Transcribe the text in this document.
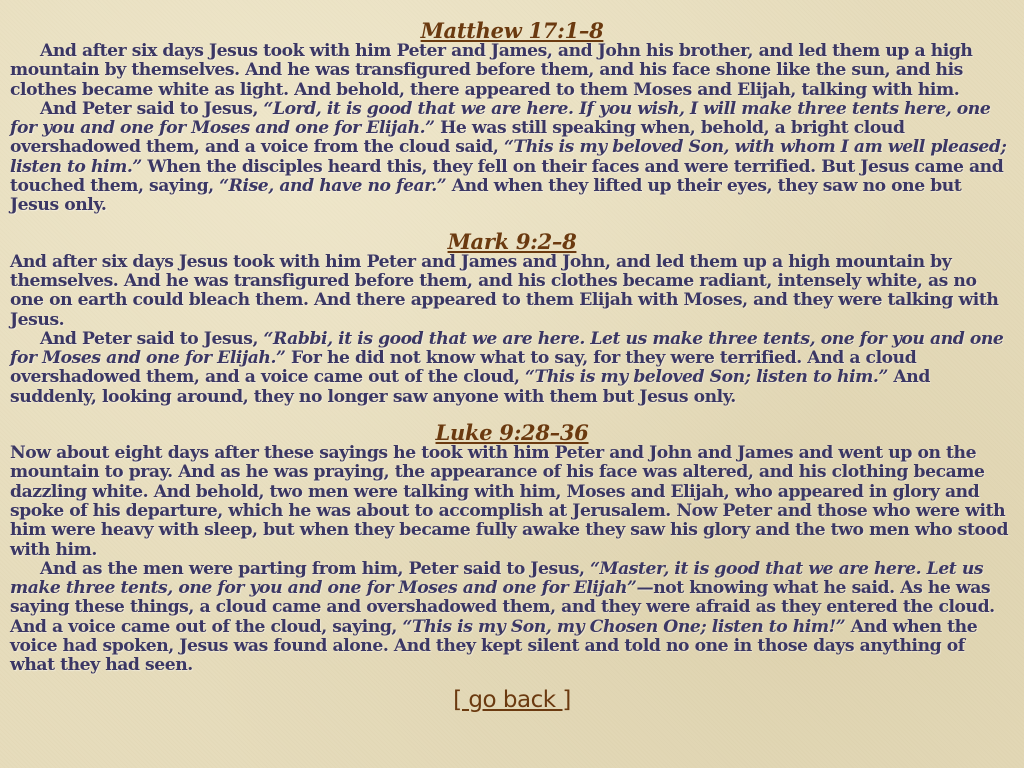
Matthew 17:1–8

And after six days Jesus took with him Peter and James, and John his brother, and led them up a high mountain by themselves. And he was transfigured before them, and his face shone like the sun, and his clothes became white as light. And behold, there appeared to them Moses and Elijah, talking with him.

And Peter said to Jesus, “Lord, it is good that we are here. If you wish, I will make three tents here, one for you and one for Moses and one for Elijah.” He was still speaking when, behold, a bright cloud overshadowed them, and a voice from the cloud said, “This is my beloved Son, with whom I am well pleased; listen to him.” When the disciples heard this, they fell on their faces and were terrified. But Jesus came and touched them, saying, “Rise, and have no fear.” And when they lifted up their eyes, they saw no one but Jesus only.

Mark 9:2–8

And after six days Jesus took with him Peter and James and John, and led them up a high mountain by themselves. And he was transfigured before them, and his clothes became radiant, intensely white, as no one on earth could bleach them. And there appeared to them Elijah with Moses, and they were talking with Jesus.

And Peter said to Jesus, “Rabbi, it is good that we are here. Let us make three tents, one for you and one for Moses and one for Elijah.” For he did not know what to say, for they were terrified. And a cloud overshadowed them, and a voice came out of the cloud, “This is my beloved Son; listen to him.” And suddenly, looking around, they no longer saw anyone with them but Jesus only.

Luke 9:28–36

Now about eight days after these sayings he took with him Peter and John and James and went up on the mountain to pray. And as he was praying, the appearance of his face was altered, and his clothing became dazzling white. And behold, two men were talking with him, Moses and Elijah, who appeared in glory and spoke of his departure, which he was about to accomplish at Jerusalem. Now Peter and those who were with him were heavy with sleep, but when they became fully awake they saw his glory and the two men who stood with him.

And as the men were parting from him, Peter said to Jesus, “Master, it is good that we are here. Let us make three tents, one for you and one for Moses and one for Elijah”—not knowing what he said. As he was saying these things, a cloud came and overshadowed them, and they were afraid as they entered the cloud. And a voice came out of the cloud, saying, “This is my Son, my Chosen One; listen to him!” And when the voice had spoken, Jesus was found alone. And they kept silent and told no one in those days anything of what they had seen.

[ go back ]
